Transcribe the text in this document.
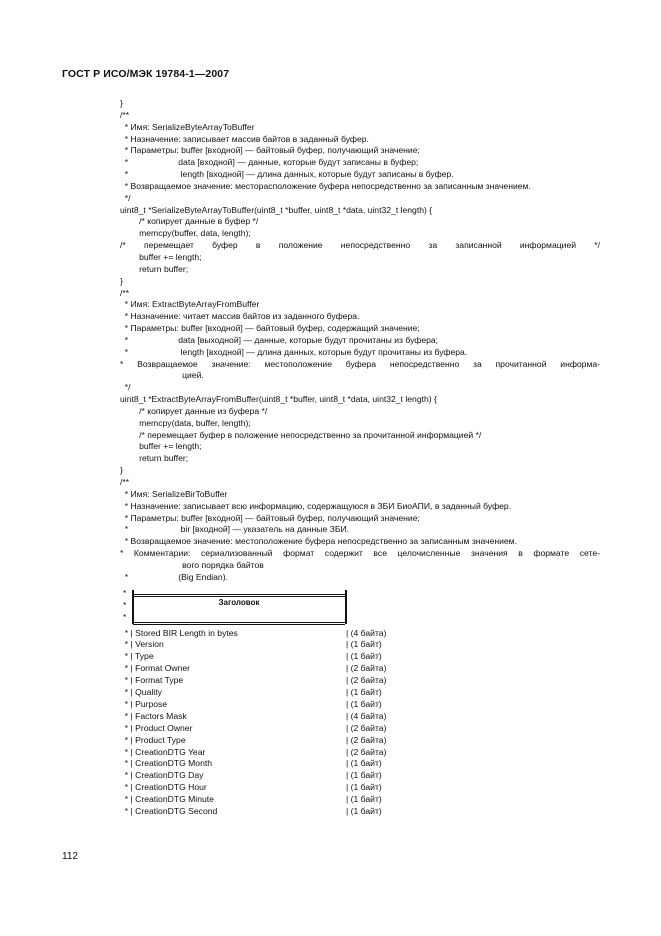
ГОСТ Р ИСО/МЭК 19784-1—2007
}
/**
* Имя: SerializeByteArrayToBuffer
* Назначение: записывает массив байтов в заданный буфер.
* Параметры: buffer [входной] — байтовый буфер, получающий значение;
*                     data [входной] — данные, которые будут записаны в буфер;
*                      length [входной] — длина данных, которые будут записаны в буфер.
* Возвращаемое значение: месторасположение буфера непосредственно за записанным значением.
*/
uint8_t *SerializeByteArrayToBuffer(uint8_t *buffer, uint8_t *data, uint32_t length) {
/* копирует данные в буфер */
memcpy(buffer, data, length);
/* перемещает буфер в положение непосредственно за записанной информацией */
buffer += length;
return buffer;
}
/**
* Имя: ExtractByteArrayFromBuffer
* Назначение: читает массив байтов из заданного буфера.
* Параметры: buffer [входной] — байтовый буфер, содержащий значение;
*                     data [выходной] — данные, которые будут прочитаны из буфера;
*                      length [входной] — длина данных, которые будут прочитаны из буфера.
* Возвращаемое значение: местоположение буфера непосредственно за прочитанной информа-
цией.
*/
uint8_t *ExtractByteArrayFromBuffer(uint8_t *buffer, uint8_t *data, uint32_t length) {
/* копирует данные из буфера */
memcpy(data, buffer, length);
/* перемещает буфер в положение непосредственно за прочитанной информацией */
buffer += length;
return buffer;
}
/**
* Имя: SerializeBirToBuffer
* Назначение: записывает всю информацию, содержащуюся в ЗБИ БиоАПИ, в заданный буфер.
* Параметры: buffer [входной] — байтовый буфер, получающий значение;
*                      bir [входной] — указатель на данные ЗБИ.
* Возвращаемое значение: местоположение буфера непосредственно за записанным значением.
* Комментарии: сериализованный формат содержит все целочисленные значения в формате сете-
вого порядка байтов
*                     (Big Endian).
*
*
*
Заголовок
* | Stored BIR Length in bytes	| (4 байта)
* | Version	| (1 байт)
* | Type	| (1 байт)
* | Format Owner	| (2 байта)
* | Format Type	| (2 байта)
* | Quality	| (1 байт)
* | Purpose	| (1 байт)
* | Factors Mask	| (4 байта)
* | Product Owner	| (2 байта)
* | Product Type	| (2 байта)
* | CreationDTG Year	| (2 байта)
* | CreationDTG Month	| (1 байт)
* | CreationDTG Day	| (1 байт)
* | CreationDTG Hour	| (1 байт)
* | CreationDTG Minute	| (1 байт)
* | CreationDTG Second	| (1 байт)
112
